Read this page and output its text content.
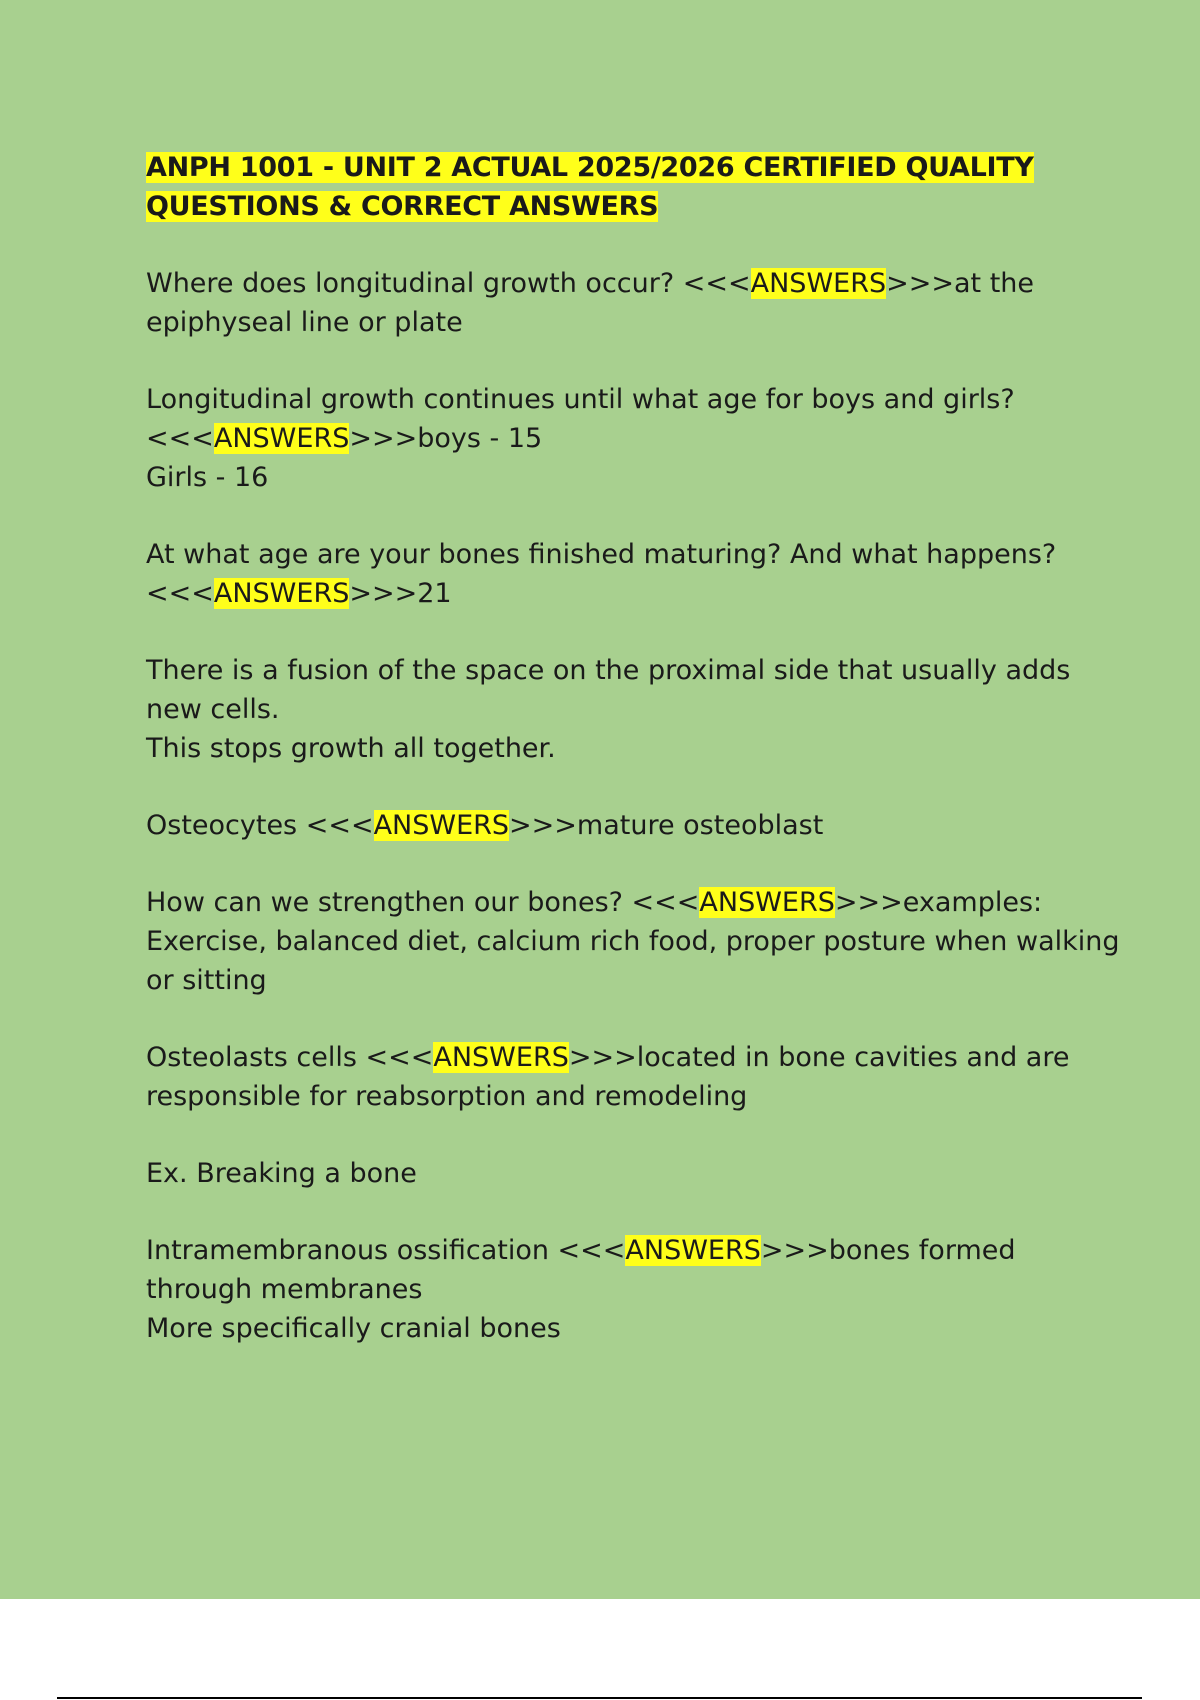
ANPH 1001 - UNIT 2 ACTUAL 2025/2026 CERTIFIED QUALITY
QUESTIONS & CORRECT ANSWERS

Where does longitudinal growth occur? <<<ANSWERS>>>at the epiphyseal line or plate

Longitudinal growth continues until what age for boys and girls? <<<ANSWERS>>>boys - 15
Girls - 16

At what age are your bones finished maturing? And what happens? <<<ANSWERS>>>21

There is a fusion of the space on the proximal side that usually adds new cells.
This stops growth all together.

Osteocytes <<<ANSWERS>>>mature osteoblast

How can we strengthen our bones? <<<ANSWERS>>>examples:
Exercise, balanced diet, calcium rich food, proper posture when walking or sitting

Osteolasts cells <<<ANSWERS>>>located in bone cavities and are responsible for reabsorption and remodeling

Ex. Breaking a bone

Intramembranous ossification <<<ANSWERS>>>bones formed through membranes
More specifically cranial bones
